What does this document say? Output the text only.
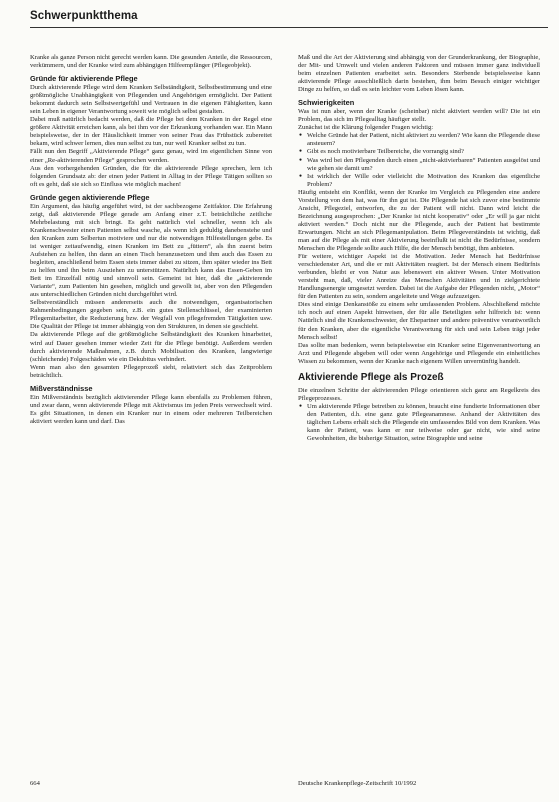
Schwerpunktthema

Kranke als ganze Person nicht gerecht werden kann. Die gesunden Anteile, die Ressourcen, verkümmern, und der Kranke wird zum abhängigen Hilfeempfänger (Pflegeobjekt).

Gründe für aktivierende Pflege

Durch aktivierende Pflege wird dem Kranken Selbständigkeit, Selbstbestimmung und eine größtmögliche Unabhängigkeit von Pflegenden und Angehörigen ermöglicht. Der Patient bekommt dadurch sein Selbstwertgefühl und Vertrauen in die eigenen Fähigkeiten, kann sein Leben in eigener Verantwortung soweit wie möglich selbst gestalten.

Dabei muß natürlich bedacht werden, daß die Pflege bei dem Kranken in der Regel eine größere Aktivität erreichen kann, als bei ihm vor der Erkrankung vorhanden war. Ein Mann beispielsweise, der in der Häuslichkeit immer von seiner Frau das Frühstück zubereitet bekam, wird schwer lernen, dies nun selbst zu tun, nur weil Kranker selbst zu tun.

Fällt nun den Begriff „Aktivierende Pflege“ ganz genau, wird im eigentlichen Sinne von einer „Re-aktivierenden Pflege“ gesprochen werden.

Aus den vorhergehenden Gründen, die für die aktivierende Pflege sprechen, lern ich folgenden Grundsatz ab: der einen jeder Patient in Alltag in der Pflege Tätigen sollten so oft es geht, daß sie sich so Einfluss wie möglich machen!

Gründe gegen aktivierende Pflege

Ein Argument, das häufig angeführt wird, ist der sachbezogene Zeitfaktor. Die Erfahrung zeigt, daß aktivierende Pflege gerade am Anfang einer z.T. beträchtliche zeitliche Mehrbelastung mit sich bringt. Es geht natürlich viel schneller, wenn ich als Krankenschwester einen Patienten selbst wasche, als wenn ich geduldig danebenstehe und den Kranken zum Selbertun motiviere und nur die notwendigen Hilfestellungen gebe. Es ist weniger zeitaufwendig, einen Kranken im Bett zu „füttern“, als ihn zuerst beim Aufstehen zu helfen, ihn dann an einen Tisch heranzusetzen und ihm auch das Essen zu begleiten, anschließend beim Essen stets immer dabei zu sitzen, ihm später wieder ins Bett zu helfen und ihn beim Ausziehen zu unterstützen. Natürlich kann das Essen-Geben im Bett im Einzelfall nötig und sinnvoll sein. Gemeint ist hier, daß die „aktivierende Variante“, zum Patienten hin gesehen, möglich und gewollt ist, aber von den Pflegenden aus unterschiedlichen Gründen nicht durchgeführt wird.

Selbstverständlich müssen andererseits auch die notwendigen, organisatorischen Rahmenbedingungen gegeben sein, z.B. ein gutes Stellenschlüssel, der examinierten Pflegemitarbeiter, die Reduzierung bzw. der Wegfall von pflegefremden Tätigkeiten usw. Die Qualität der Pflege ist immer abhängig von den Strukturen, in denen sie geschieht.

Da aktivierende Pflege auf die größtmögliche Selbständigkeit des Kranken hinarbeitet, wird auf Dauer gesehen immer wieder Zeit für die Pflege benötigt. Außerdem werden durch aktivierende Maßnahmen, z.B. durch Mobilisation des Kranken, langwierige (schleichende) Folgeschäden wie ein Dekubitus verhindert.

Wenn man also den gesamten Pflegeprozeß sieht, relativiert sich das Zeitproblem beträchtlich.

Mißverständnisse

Ein Mißverständnis bezüglich aktivierender Pflege kann ebenfalls zu Problemen führen, und zwar dann, wenn aktivierende Pflege mit Aktivismus im jeden Preis verwechselt wird. Es gibt Situationen, in denen ein Kranker nur in einem oder mehreren Teilbereichen aktiviert werden kann und darf. Das

Maß und die Art der Aktivierung sind abhängig von der Grunderkrankung, der Biographie, der Mit- und Umwelt und vielen anderen Faktoren und müssen immer ganz individuell beim einzelnen Patienten erarbeitet sein. Besonders Sterbende beispielsweise kann aktivierende Pflege ausschließlich darin bestehen, ihm beim Besuch einiger wichtiger Dinge zu helfen, so daß es sein leichter vom Leben lösen kann.

Schwierigkeiten

Was ist nun aber, wenn der Kranke (scheinbar) nicht aktiviert werden will? Die ist ein Problem, das sich im Pflegealltag häufiger stellt.

Zunächst ist die Klärung folgender Fragen wichtig:

● Welche Gründe hat der Patient, nicht aktiviert zu werden? Wie kann die Pflegende diese ansteuern?
● Gibt es noch motivierbare Teilbereiche, die vorrangig sind?
● Was wird bei den Pflegenden durch einen „nicht-aktivierbaren“ Patienten ausgelöst und wie gehen sie damit um?
● Ist wirklich der Wille oder vielleicht die Motivation des Kranken das eigentliche Problem?

Häufig entsteht ein Konflikt, wenn der Kranke im Vergleich zu Pflegenden eine andere Vorstellung von dem hat, was für ihn gut ist. Die Pflegende hat sich zuvor eine bestimmte Ansicht, Pflegeziel, entworfen, die zu der Patient will nicht. Dann wird leicht die Bezeichnung ausgesprochen: „Der Kranke ist nicht kooperativ“ oder „Er will ja gar nicht aktiviert werden.“ Doch nicht nur die Pflegende, auch der Patient hat bestimmte Erwartungen. Nicht an sich Pflegemanipulation. Beim Pflegeverständnis ist wichtig, daß man auf die Pflege als mit einer Aktivierung beeinflußt ist nicht die Bedürfnisse, sondern Menschen die Pflegende sollte auch Hilfe, die der Mensch benötigt, ihm anbieten.

Für weitere, wichtiger Aspekt ist die Motivation. Jeder Mensch hat Bedürfnisse verschiedenster Art, und die er mit Aktivitäten reagiert. Ist der Mensch einem Bedürfnis verbunden, bleibt er von Natur aus lebenswert ein aktiver Wesen. Unter Motivation versteht man, daß, vieler Anreize das Menschen Aktivitäten und in zielgerichtete Handlungsenergie umgesetzt werden. Dabei ist die Aufgabe der Pflegenden nicht, „Motor“ für den Patienten zu sein, sondern angeleitete und Wege aufzuzeigen.

Dies sind einige Denkanstöße zu einem sehr umfassenden Problem. Abschließend möchte ich noch auf einen Aspekt hinweisen, der für alle Beteiligten sehr hilfreich ist: wenn Natürlich sind die Krankenschwester, der Ehepartner und andere präventive verantwortlich für den Kranken, aber die eigentliche Verantwortung für sich und sein Leben trägt jeder Mensch selbst!

Das sollte man bedenken, wenn beispielsweise ein Kranker seine Eigenverantwortung an Arzt und Pflegende abgeben will oder wenn Angehörige und Pflegende ein einheitliches Wissen zu bekommen, wenn der Kranke nach eigenem Willen unvernünftig handelt.

Aktivierende Pflege als Prozeß

Die einzelnen Schritte der aktivierenden Pflege orientieren sich ganz am Regelkreis des Pflegeprozesses.

● Um aktivierende Pflege betreiben zu können, braucht eine fundierte Informationen über den Patienten, d.h. eine ganz gute Pflegeanamnese. Anhand der Aktivitäten des täglichen Lebens erhält sich die Pflegende ein umfassendes Bild von dem Kranken. Was kann der Patient, was kann er nur teilweise oder gar nicht, wie sind seine Gewohnheiten, die bisherige Situation, seine Biographie und seine
664	Deutsche Krankenpflege-Zeitschrift 10/1992
